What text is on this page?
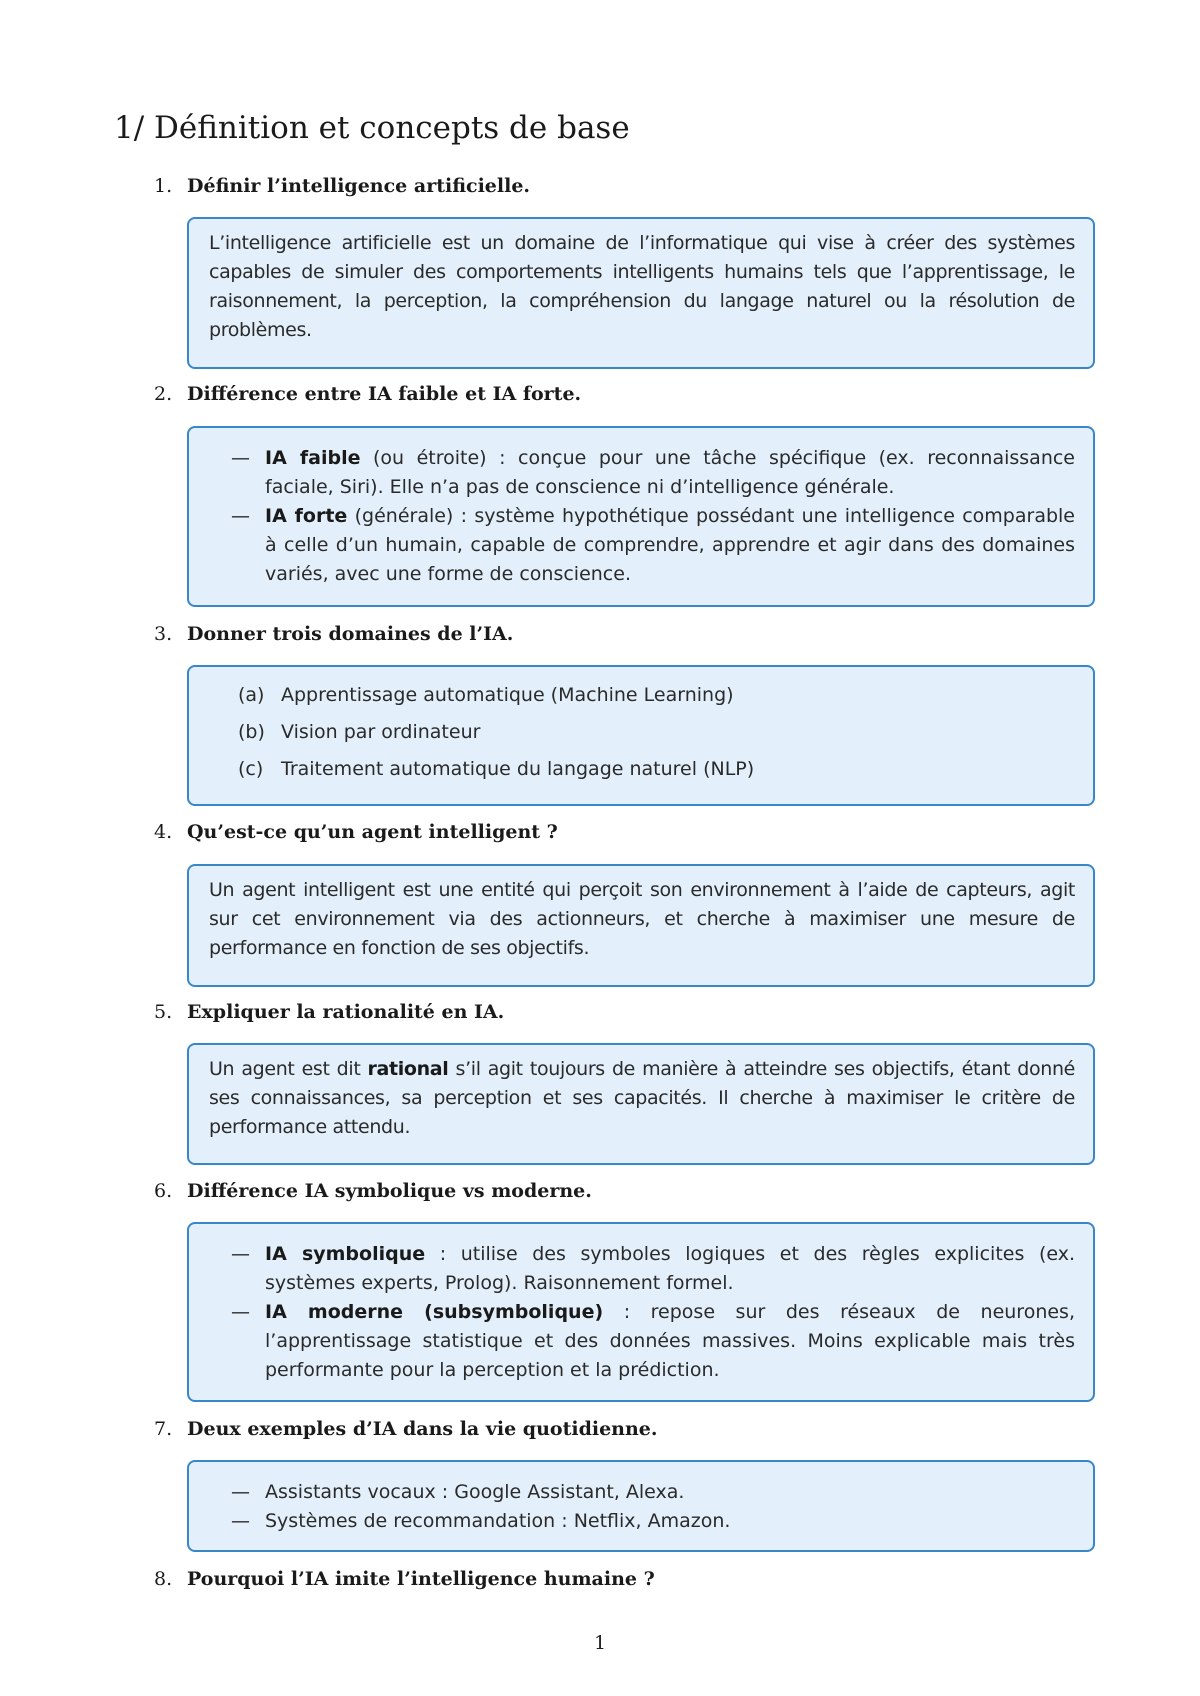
1/ Définition et concepts de base
1. Définir l’intelligence artificielle.

L’intelligence artificielle est un domaine de l’informatique qui vise à créer des systèmes capables de simuler des comportements intelligents humains tels que l’apprentissage, le raisonnement, la perception, la compréhension du langage naturel ou la résolution de problèmes.

2. Différence entre IA faible et IA forte.
— IA faible (ou étroite) : conçue pour une tâche spécifique (ex. reconnaissance faciale, Siri). Elle n’a pas de conscience ni d’intelligence générale.
— IA forte (générale) : système hypothétique possédant une intelligence comparable à celle d’un humain, capable de comprendre, apprendre et agir dans des domaines variés, avec une forme de conscience.
3. Donner trois domaines de l’IA.
(a) Apprentissage automatique (Machine Learning)
(b) Vision par ordinateur
(c) Traitement automatique du langage naturel (NLP)
4. Qu’est-ce qu’un agent intelligent ?

Un agent intelligent est une entité qui perçoit son environnement à l’aide de capteurs, agit sur cet environnement via des actionneurs, et cherche à maximiser une mesure de performance en fonction de ses objectifs.

5. Expliquer la rationalité en IA.

Un agent est dit rational s’il agit toujours de manière à atteindre ses objectifs, étant donné ses connaissances, sa perception et ses capacités. Il cherche à maximiser le critère de performance attendu.

6. Différence IA symbolique vs moderne.
— IA symbolique : utilise des symboles logiques et des règles explicites (ex. systèmes experts, Prolog). Raisonnement formel.
— IA moderne (subsymbolique) : repose sur des réseaux de neurones, l’apprentissage statistique et des données massives. Moins explicable mais très performante pour la perception et la prédiction.
7. Deux exemples d’IA dans la vie quotidienne.
— Assistants vocaux : Google Assistant, Alexa.
— Systèmes de recommandation : Netflix, Amazon.
8. Pourquoi l’IA imite l’intelligence humaine ?
1
